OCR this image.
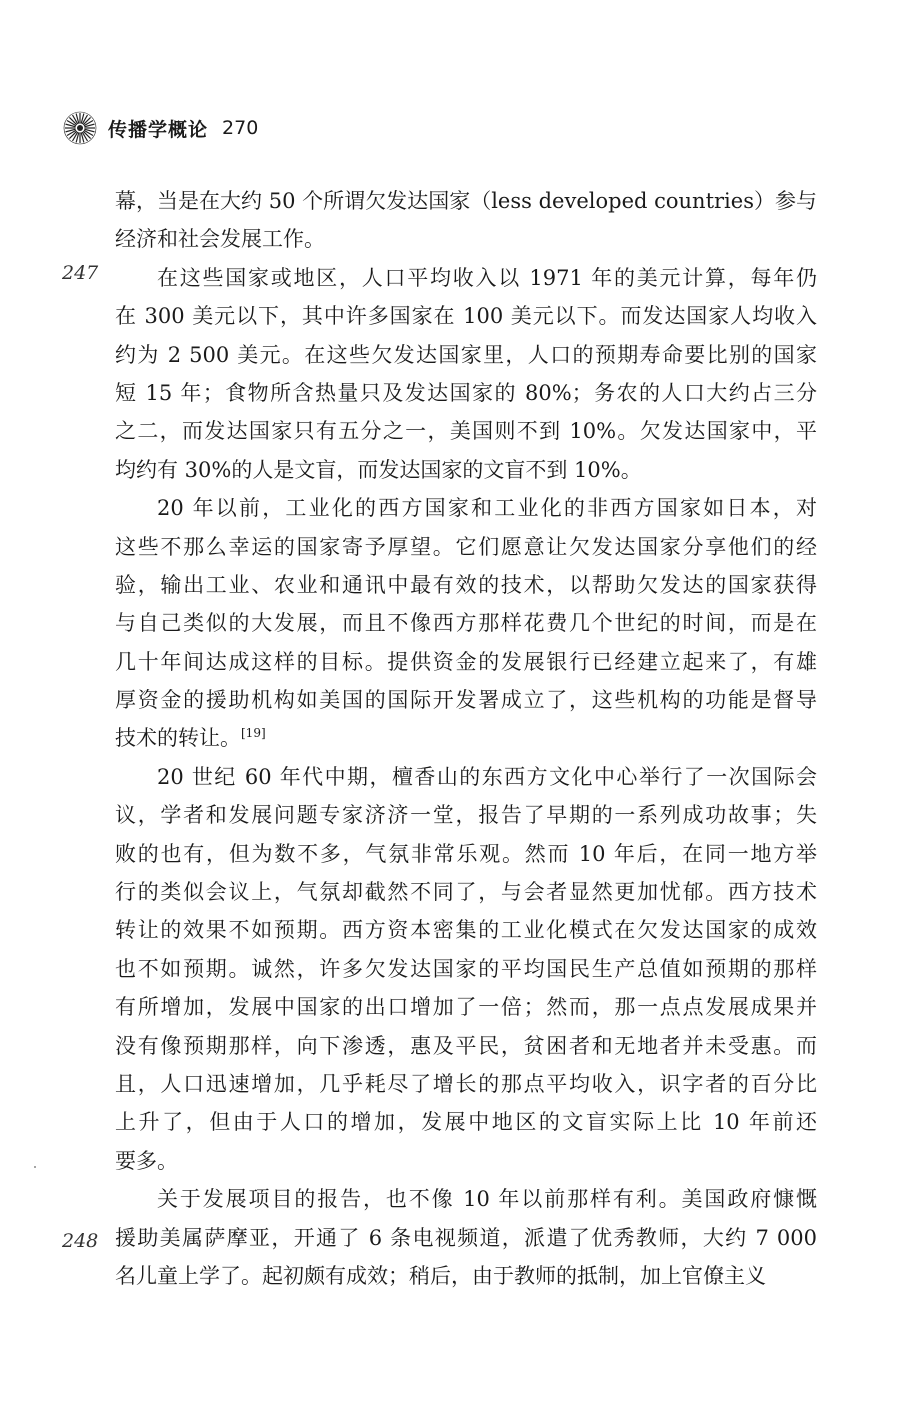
传播学概论 270
247
248
幕，当是在大约 50 个所谓欠发达国家（less developed countries）参与
经济和社会发展工作。
在这些国家或地区，人口平均收入以 1971 年的美元计算，每年仍
在 300 美元以下，其中许多国家在 100 美元以下。而发达国家人均收入
约为 2 500 美元。在这些欠发达国家里，人口的预期寿命要比别的国家
短 15 年；食物所含热量只及发达国家的 80%；务农的人口大约占三分
之二，而发达国家只有五分之一，美国则不到 10%。欠发达国家中，平
均约有 30%的人是文盲，而发达国家的文盲不到 10%。
20 年以前，工业化的西方国家和工业化的非西方国家如日本，对
这些不那么幸运的国家寄予厚望。它们愿意让欠发达国家分享他们的经
验，输出工业、农业和通讯中最有效的技术，以帮助欠发达的国家获得
与自己类似的大发展，而且不像西方那样花费几个世纪的时间，而是在
几十年间达成这样的目标。提供资金的发展银行已经建立起来了，有雄
厚资金的援助机构如美国的国际开发署成立了，这些机构的功能是督导
技术的转让。[19]
20 世纪 60 年代中期，檀香山的东西方文化中心举行了一次国际会
议，学者和发展问题专家济济一堂，报告了早期的一系列成功故事；失
败的也有，但为数不多，气氛非常乐观。然而 10 年后，在同一地方举
行的类似会议上，气氛却截然不同了，与会者显然更加忧郁。西方技术
转让的效果不如预期。西方资本密集的工业化模式在欠发达国家的成效
也不如预期。诚然，许多欠发达国家的平均国民生产总值如预期的那样
有所增加，发展中国家的出口增加了一倍；然而，那一点点发展成果并
没有像预期那样，向下渗透，惠及平民，贫困者和无地者并未受惠。而
且，人口迅速增加，几乎耗尽了增长的那点平均收入，识字者的百分比
上升了，但由于人口的增加，发展中地区的文盲实际上比 10 年前还
要多。
关于发展项目的报告，也不像 10 年以前那样有利。美国政府慷慨
援助美属萨摩亚，开通了 6 条电视频道，派遣了优秀教师，大约 7 000
名儿童上学了。起初颇有成效；稍后，由于教师的抵制，加上官僚主义
